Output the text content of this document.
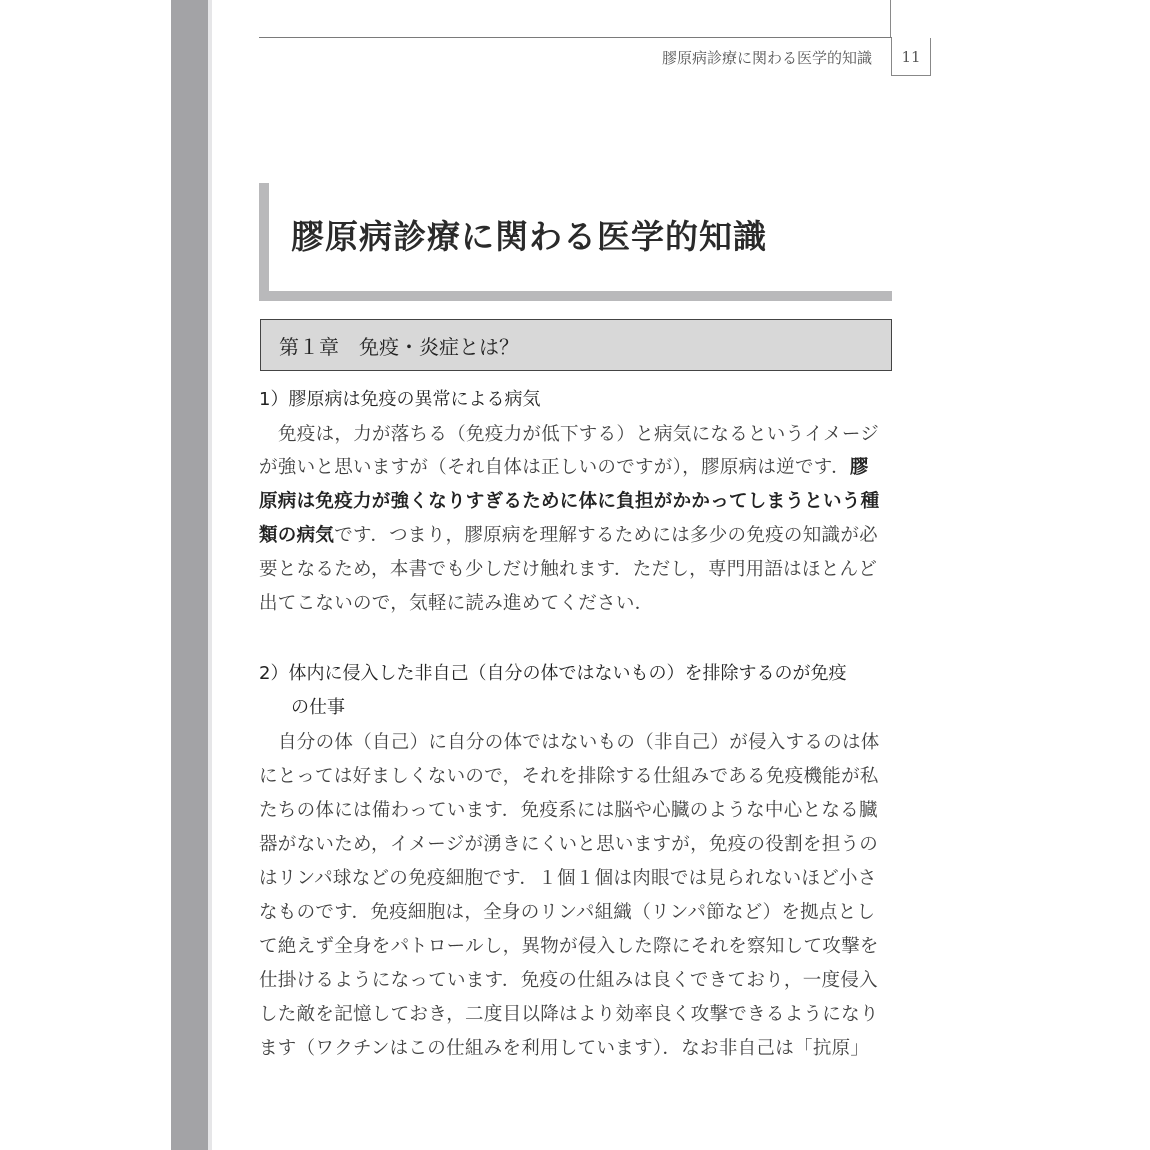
膠原病診療に関わる医学的知識	11
膠原病診療に関わる医学的知識
第１章　免疫・炎症とは？
1）膠原病は免疫の異常による病気
免疫は，力が落ちる（免疫力が低下する）と病気になるというイメージ
が強いと思いますが（それ自体は正しいのですが），膠原病は逆です．膠
原病は免疫力が強くなりすぎるために体に負担がかかってしまうという種
類の病気です．つまり，膠原病を理解するためには多少の免疫の知識が必
要となるため，本書でも少しだけ触れます．ただし，専門用語はほとんど
出てこないので，気軽に読み進めてください．
2）体内に侵入した非自己（自分の体ではないもの）を排除するのが免疫
の仕事
自分の体（自己）に自分の体ではないもの（非自己）が侵入するのは体
にとっては好ましくないので，それを排除する仕組みである免疫機能が私
たちの体には備わっています．免疫系には脳や心臓のような中心となる臓
器がないため，イメージが湧きにくいと思いますが，免疫の役割を担うの
はリンパ球などの免疫細胞です．１個１個は肉眼では見られないほど小さ
なものです．免疫細胞は，全身のリンパ組織（リンパ節など）を拠点とし
て絶えず全身をパトロールし，異物が侵入した際にそれを察知して攻撃を
仕掛けるようになっています．免疫の仕組みは良くできており，一度侵入
した敵を記憶しておき，二度目以降はより効率良く攻撃できるようになり
ます（ワクチンはこの仕組みを利用しています）．なお非自己は「抗原」
